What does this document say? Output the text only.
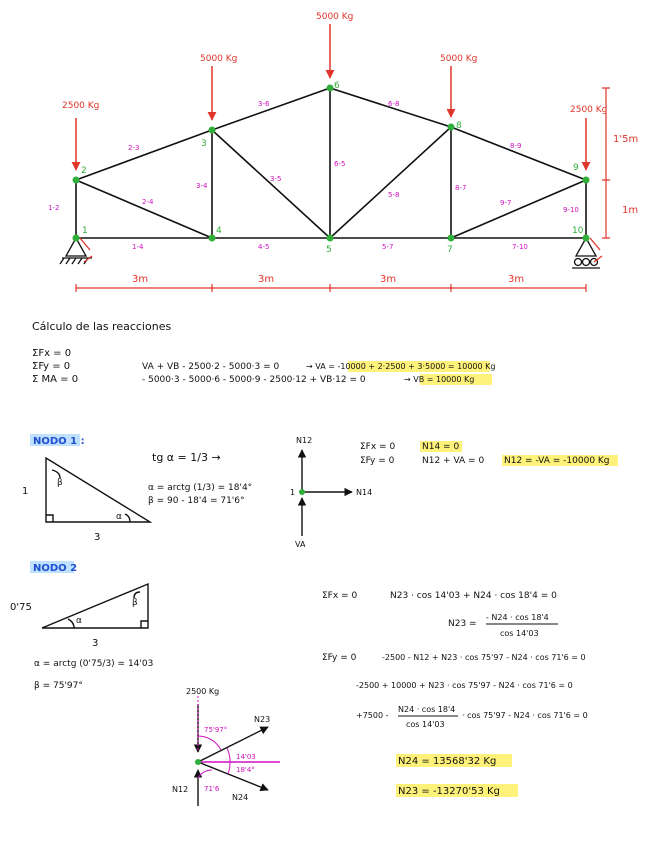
1
2
3
4
5
6
7
8
9
10
1-2
2-3
2-4
1-4
3-4
3-5
3-6
4-5
6-5
6-8
5-8
5-7
8-7
8-9
9-7
7-10
9-10
2500 Kg
5000 Kg
5000 Kg
5000 Kg
2500 Kg
3m	3m	3m	3m
1'5m
1m
Cálculo de las reacciones
ΣFx = 0
ΣFy = 0
Σ MA = 0
VA + VB - 2500·2 - 5000·3 = 0	→ VA = -10000 + 2·2500 + 3·5000 = 10000 Kg
- 5000·3 - 5000·6 - 5000·9 - 2500·12 + VB·12 = 0	→ VB = 10000 Kg
NODO 1 :
β
α
1
3
tg α = 1/3 →
α = arctg (1/3) = 18'4°
β = 90 - 18'4 = 71'6°
N12
N14
VA
1
ΣFx = 0
ΣFy = 0
N14 = 0
N12 + VA = 0 N12 = -VA = -10000 Kg
NODO 2
0'75
α
β
3
α = arctg (0'75/3) = 14'03
β = 75'97°
2500 Kg
75'97°
14'03
18'4°
71'6
N23
N24
N12
ΣFx = 0	N23 · cos 14'03 + N24 · cos 18'4 = 0
N23 =
- N24 · cos 18'4
cos 14'03
ΣFy = 0	-2500 - N12 + N23 · cos 75'97 - N24 · cos 71'6 = 0
-2500 + 10000 + N23 · cos 75'97 - N24 · cos 71'6 = 0
+7500 -
N24 · cos 18'4
cos 14'03
· cos 75'97 - N24 · cos 71'6 = 0
N24 = 13568'32 Kg
N23 = -13270'53 Kg
